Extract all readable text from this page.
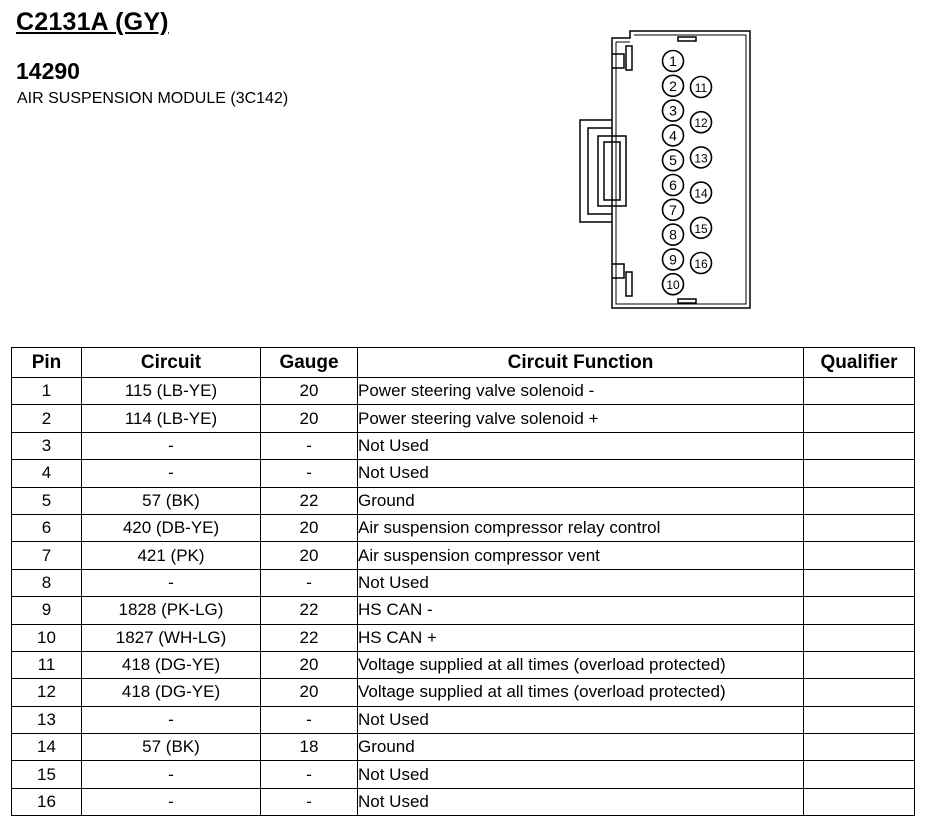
C2131A (GY)
14290
AIR SUSPENSION MODULE (3C142)
1
2
3
4
5
6
7
8
9
10
11
12
13
14
15
16
Pin	Circuit	Gauge	Circuit Function	Qualifier
1	115 (LB-YE)	20	Power steering valve solenoid -	
2	114 (LB-YE)	20	Power steering valve solenoid +	
3	-	-	Not Used	
4	-	-	Not Used	
5	57 (BK)	22	Ground	
6	420 (DB-YE)	20	Air suspension compressor relay control	
7	421 (PK)	20	Air suspension compressor vent	
8	-	-	Not Used	
9	1828 (PK-LG)	22	HS CAN -	
10	1827 (WH-LG)	22	HS CAN +	
11	418 (DG-YE)	20	Voltage supplied at all times (overload protected)	
12	418 (DG-YE)	20	Voltage supplied at all times (overload protected)	
13	-	-	Not Used	
14	57 (BK)	18	Ground	
15	-	-	Not Used	
16	-	-	Not Used	
